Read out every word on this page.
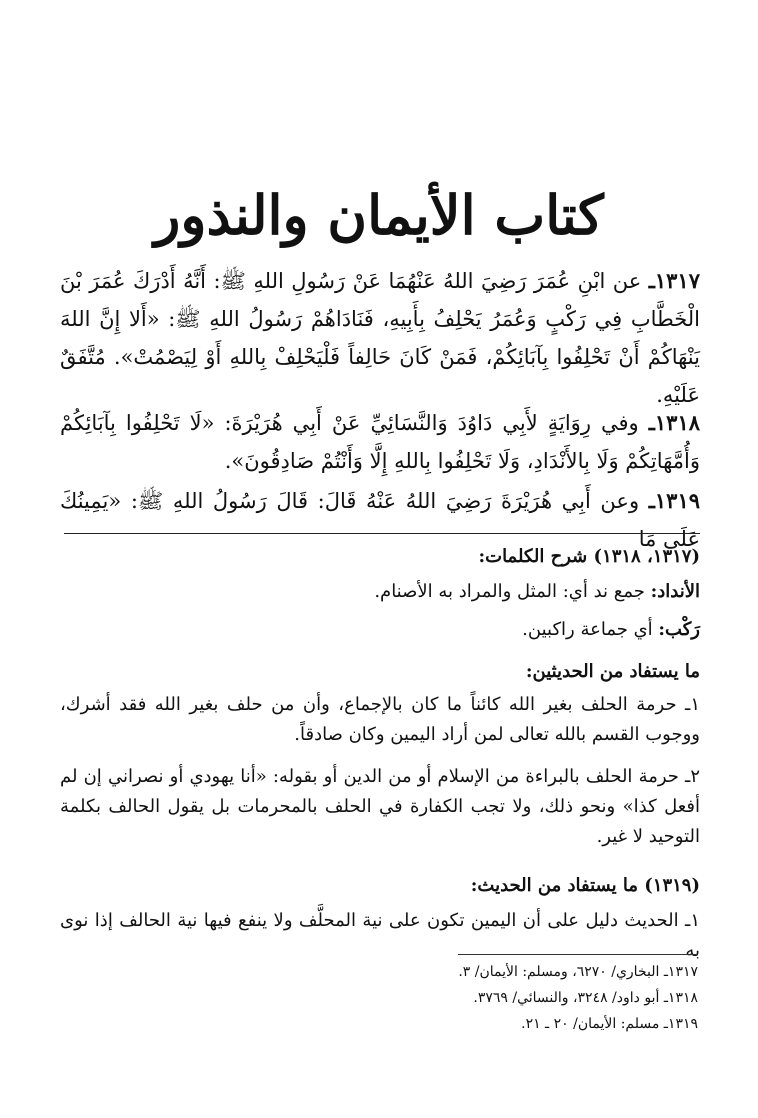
كتاب الأيمان والنذور
١٣١٧ـ عن ابْنِ عُمَرَ رَضِيَ اللهُ عَنْهُمَا عَنْ رَسُولِ اللهِ ﷺ: أَنَّهُ أَدْرَكَ عُمَرَ بْنَ الْخَطَّابِ فِي رَكْبٍ وَعُمَرُ يَحْلِفُ بِأَبِيهِ، فَنَادَاهُمْ رَسُولُ اللهِ ﷺ: «أَلا إِنَّ اللهَ يَنْهَاكُمْ أَنْ تَحْلِفُوا بِآبَائِكُمْ، فَمَنْ كَانَ حَالِفاً فَلْيَحْلِفْ بِاللهِ أَوْ لِيَصْمُتْ». مُتَّفَقٌ عَلَيْهِ.
١٣١٨ـ وفي رِوَايَةٍ لأَبِي دَاوُدَ وَالنَّسَائِيِّ عَنْ أَبِي هُرَيْرَةَ: «لَا تَحْلِفُوا بِآبَائِكُمْ وَأُمَّهَاتِكُمْ وَلَا بِالأَنْدَادِ، وَلَا تَحْلِفُوا بِاللهِ إِلَّا وَأَنْتُمْ صَادِقُونَ».
١٣١٩ـ وعن أَبِي هُرَيْرَةَ رَضِيَ اللهُ عَنْهُ قَالَ: قَالَ رَسُولُ اللهِ ﷺ: «يَمِينُكَ عَلَى مَا
(١٣١٧، ١٣١٨) شرح الكلمات:
الأنداد: جمع ند أي: المثل والمراد به الأصنام.
رَكْب: أي جماعة راكبين.
ما يستفاد من الحديثين:
١ـ حرمة الحلف بغير الله كائناً ما كان بالإجماع، وأن من حلف بغير الله فقد أشرك، ووجوب القسم بالله تعالى لمن أراد اليمين وكان صادقاً.
٢ـ حرمة الحلف بالبراءة من الإسلام أو من الدين أو بقوله: «أنا يهودي أو نصراني إن لم أفعل كذا» ونحو ذلك، ولا تجب الكفارة في الحلف بالمحرمات بل يقول الحالف بكلمة التوحيد لا غير.
(١٣١٩) ما يستفاد من الحديث:
١ـ الحديث دليل على أن اليمين تكون على نية المحلَّف ولا ينفع فيها نية الحالف إذا نوى به
١٣١٧ـ البخاري/ ٦٢٧٠، ومسلم: الأيمان/ ٣.
١٣١٨ـ أبو داود/ ٣٢٤٨، والنسائي/ ٣٧٦٩.
١٣١٩ـ مسلم: الأيمان/ ٢٠ ـ ٢١.
